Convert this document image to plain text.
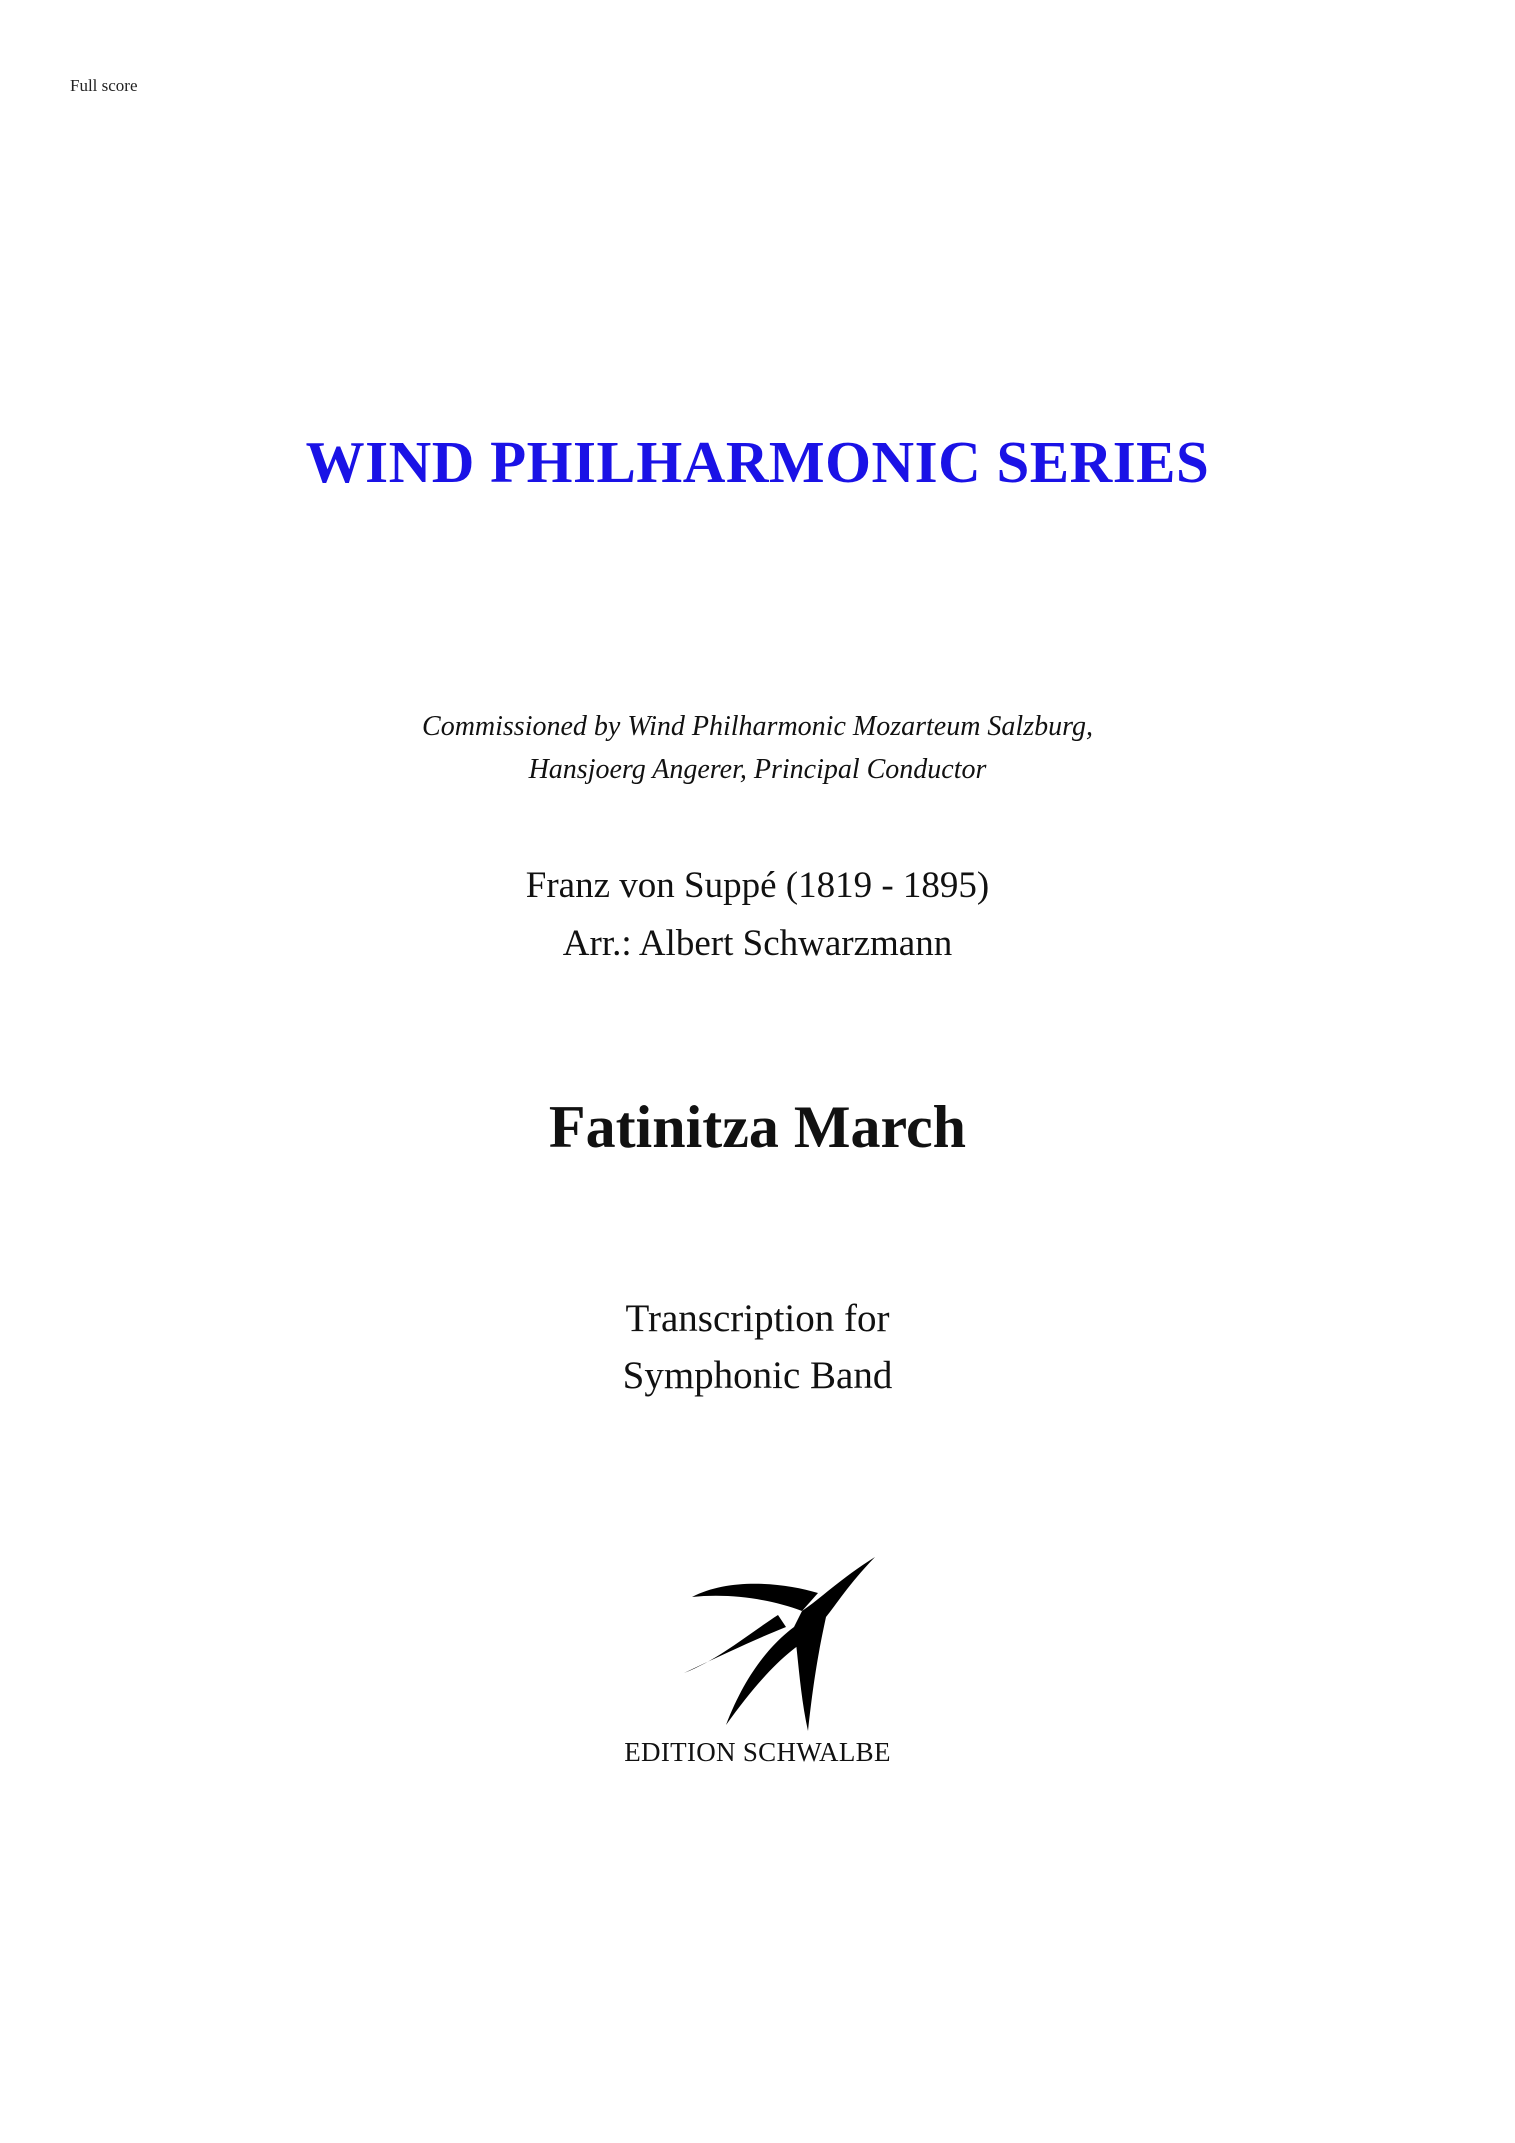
Full score
WIND PHILHARMONIC SERIES
Commissioned by Wind Philharmonic Mozarteum Salzburg,
Hansjoerg Angerer, Principal Conductor
Franz von Suppé (1819 - 1895)
Arr.: Albert Schwarzmann
Fatinitza March
Transcription for
Symphonic Band
EDITION SCHWALBE
